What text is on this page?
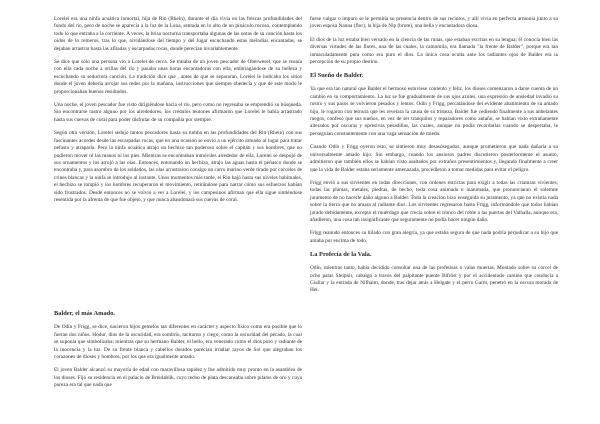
Lorelei era una ninfa acuática inmortal, hija de Rin (Rhein), durante el día vivía en las frescas profundidades del fondo del río, pero de noche se aparecía a la luz de la Luna, sentada en lo alto de un pináculo rocoso, contemplando todo lo que entraba a la corriente. A veces, la brisa nocturna transportaba algunas de las notas de su canción hasta los oídos de lo remeros, tras lo que, olvidándose del tiempo y del lugar escuchando estas melodías encantadas, se dejaban arrastrar hasta las afiladas y escarpadas rocas, donde perecían invariablemente.

Se dice que sólo una persona vio a Lorelei de cerca. Se trataba de un joven pescador de Oberwesel, que se reunía con ella cada noche a orillas del río y pasaba unas horas encantadoras con ella, embriagándose de su belleza y escuchando su seductora canción. La tradición dice que , antes de que se separaran, Lorelei le indicaba los sitios donde el joven debería arrojar sus redes por la mañana, instrucciones que siempre obedecía y que de este modo le proporcionaban buenos resultados.

Una noche, el joven pescador fue visto dirigiéndose hacia el río, pero como no regresaba se emprendió su búsqueda. Sin encontrarse rastro alguno por los alrededores, los crédulos teutones afirmaron que Lorelei le había arrastrado hasta sus cuevas de coral para poder disfrutar de su compañía por siempre.

Según otra versión, Lorelei sedujo tantos pescadores hasta su tumba en las profundidades del Rin (Rhein) con sus fascinantes acordes desde las escarpadas rocas, que en una ocasión se envió a un ejército armado al lugar para tratar nefasto y atraparla. Pero la ninfa acuática atrajo un hechizo tan poderoso sobre el capitán y sus hombres, que no pudieron mover ni las manos ni los pies. Mientras se encontraban inmóviles alrededor de ella, Lorelei se despojó de sus ornamentos y los arrojó a las olas. Entonces, entonando un hechizo, atrajo las aguas hasta el peñasco donde se encontraba y, para asombro de los soldados, las olas arrastraron consigo un carro marino verde tirado por corceles de crines blancas y la ninfa se introdujo al instante. Unos momentos más tarde, el Rin bajó hasta sus niveles habituales, el hechizo se rompió y los hombres recuperaron el movimiento, retirándose para narrar cómo sus esfuerzos habían sido frustrados. Desde entonces no se volvió a ver a Lorelei, y los campesinos afirman que ella sigue sintiéndose resentida por la afrenta de que fue objeto, y que nunca abandonará sus cuevas de coral.

Balder, el más Amado.

De Odín y Frigg, se dice, nacieron hijos gemelos tan diferentes en carácter y aspecto físico como era posible que lo fueran dos niños. Hodur, dios de la oscuridad, era sombrío, taciturno y ciego, como la oscuridad del pecado, la cual se suponía que simbolizaba; mientras que su hermano Balder, el bello, era venerado como el dios puro y radiante de la inocencia y la luz. De su frente blanca y cabellos dorados parecían irradiar rayos de Sol que alegraban los corazones de dioses y hombres, por los que era igualmente amado.

El joven Balder alcanzó su mayoría de edad con maravillosa rapidez y fue admitido muy pronto en la asamblea de los dioses. Fijó su residencia en el palacio de Breidablik, cuyo techo de plata descansaba sobre pilares de oro y cuya pureza era tal que nada que

fuese vulgar o impuro se le permitía su presencia dentro de sus recintos, y allí vivía en perfecta armonía junto a su joven esposa Nanna (flor), la hija de Nip (brote), una bella y encantadora diosa.

El dios de la luz estaba bien versado en la ciencia de las runas, que estaban escritas en su lengua; él conocía bien las diversas virtudes de las flores, una de las cuales, la camomila, era llamada "la frente de Balder", porque era tan inmaculadamente pura como era puro el dios. La única cosa oculta ante los radiantes ojos de Balder era la percepción de su propio destino.

El Sueño de Balder.

Ya que era tan natural que Balder el hermoso estuviese contento y feliz, los dioses comenzaron a darse cuenta de un cambio en su comportamiento. La luz se fue gradualmente de sus ojos azules, una expresión de ansiedad invadió su rostro y sus pasos se volvieron pesados y lentos. Odín y Frigg, percatándose del evidente abatimiento de su amado hijo, le rogaron con ternura que les revelara la causa de su tristeza. Balder fue cediendo finalmente a sus anhelantes ruegos, confesó que sus sueños, en vez de ser tranquilos y reparadores como antaño, se habían visto extrañamente alterados por oscuras y opresivas pesadillas, las cuales, aunque no podía recordarlas cuando se despertaba, le perseguían constantemente con una vaga sensación de miedo.

Cuando Odín y Frigg oyeron esto, se sintieron muy desasosegados, aunque prometieron que nada dañaría a su universalmente amado hijo. Sin embargo, cuando los ansiosos padres discutieron posteriormente el asunto, admitieron que también ellos se habían visto asaltados por extraños presentimientos y, llegando finalmente a creer que la vida de Balder estaba seriamente amenazada, procedieron a tomar medidas para evitar el peligro.

Frigg envió a sus sirvientes en todas direcciones, con órdenes estrictas para exigir a todas las criaturas vivientes, todas las plantas, metales, piedras, de hecho, toda cosa animada o inanimada, que pronunciaran el solemne juramento de no hacerle daño alguno a Balder. Toda la creación hizo enseguida su juramento, ya que no existía nada sobre la tierra que no amara al radiante dios. Los sirvientes regresaron hasta Frigg, informándole que todos habían jurado debidamente, excepto el muérdago que crecía sobre el tronco del roble a las puertas del Valhalla, aunque era, añadieron, una cosa tan insignificante que seguramente no podía hacer ningún daño.

Frigg reanudó entonces su hilado con gran alegría, ya que estaba segura de que nada podría perjudicar a su hijo que amaba por encima de todo.

La Profecía de la Vala.

Odín, mientras tanto, había decidido consultar una de las profetisas o valas muertas. Montado sobre su corcel de ocho patas Sleipnir, cabalgó a través del palpitante puente Bifröst y por el accidentado camino que conducía a Giallar y la entrada de Nifhaim, donde, tras dejar atrás a Helgate y el perro Garm, penetró en la oscura morada de Hel.
